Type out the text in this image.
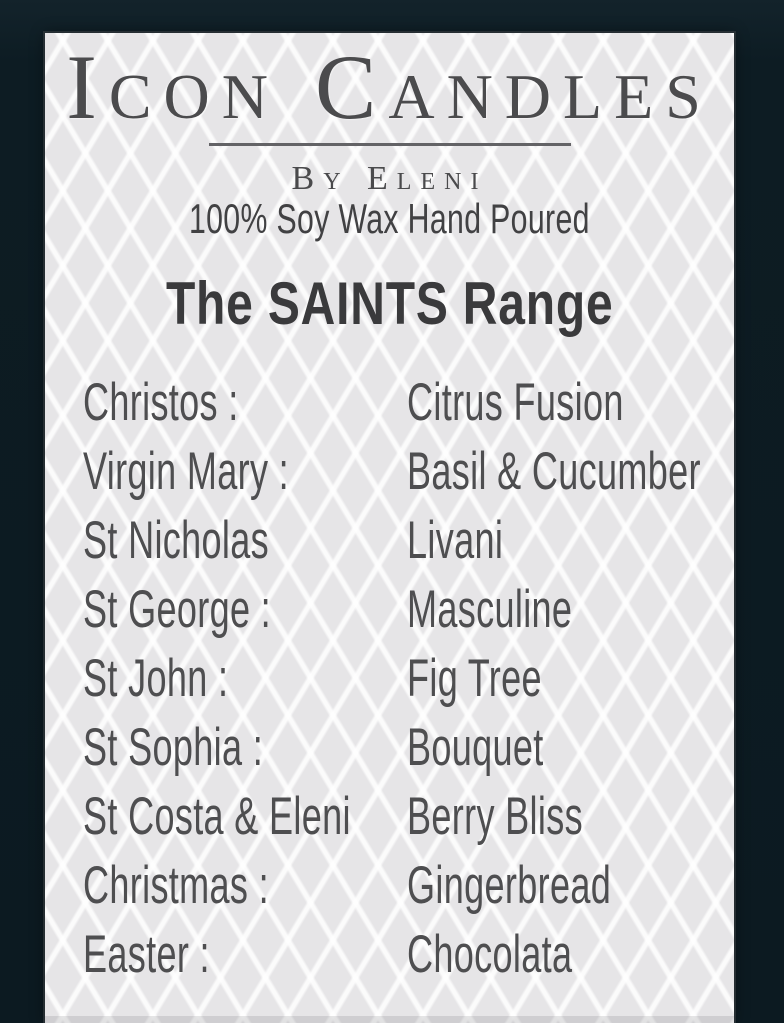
Icon Candles
By Eleni
100% Soy Wax Hand Poured
The SAINTS Range
Christos :	Citrus Fusion
Virgin Mary :	Basil & Cucumber
St Nicholas	Livani
St George :	Masculine
St John :	Fig Tree
St Sophia :	Bouquet
St Costa & Eleni	Berry Bliss
Christmas :	Gingerbread
Easter :	Chocolata
